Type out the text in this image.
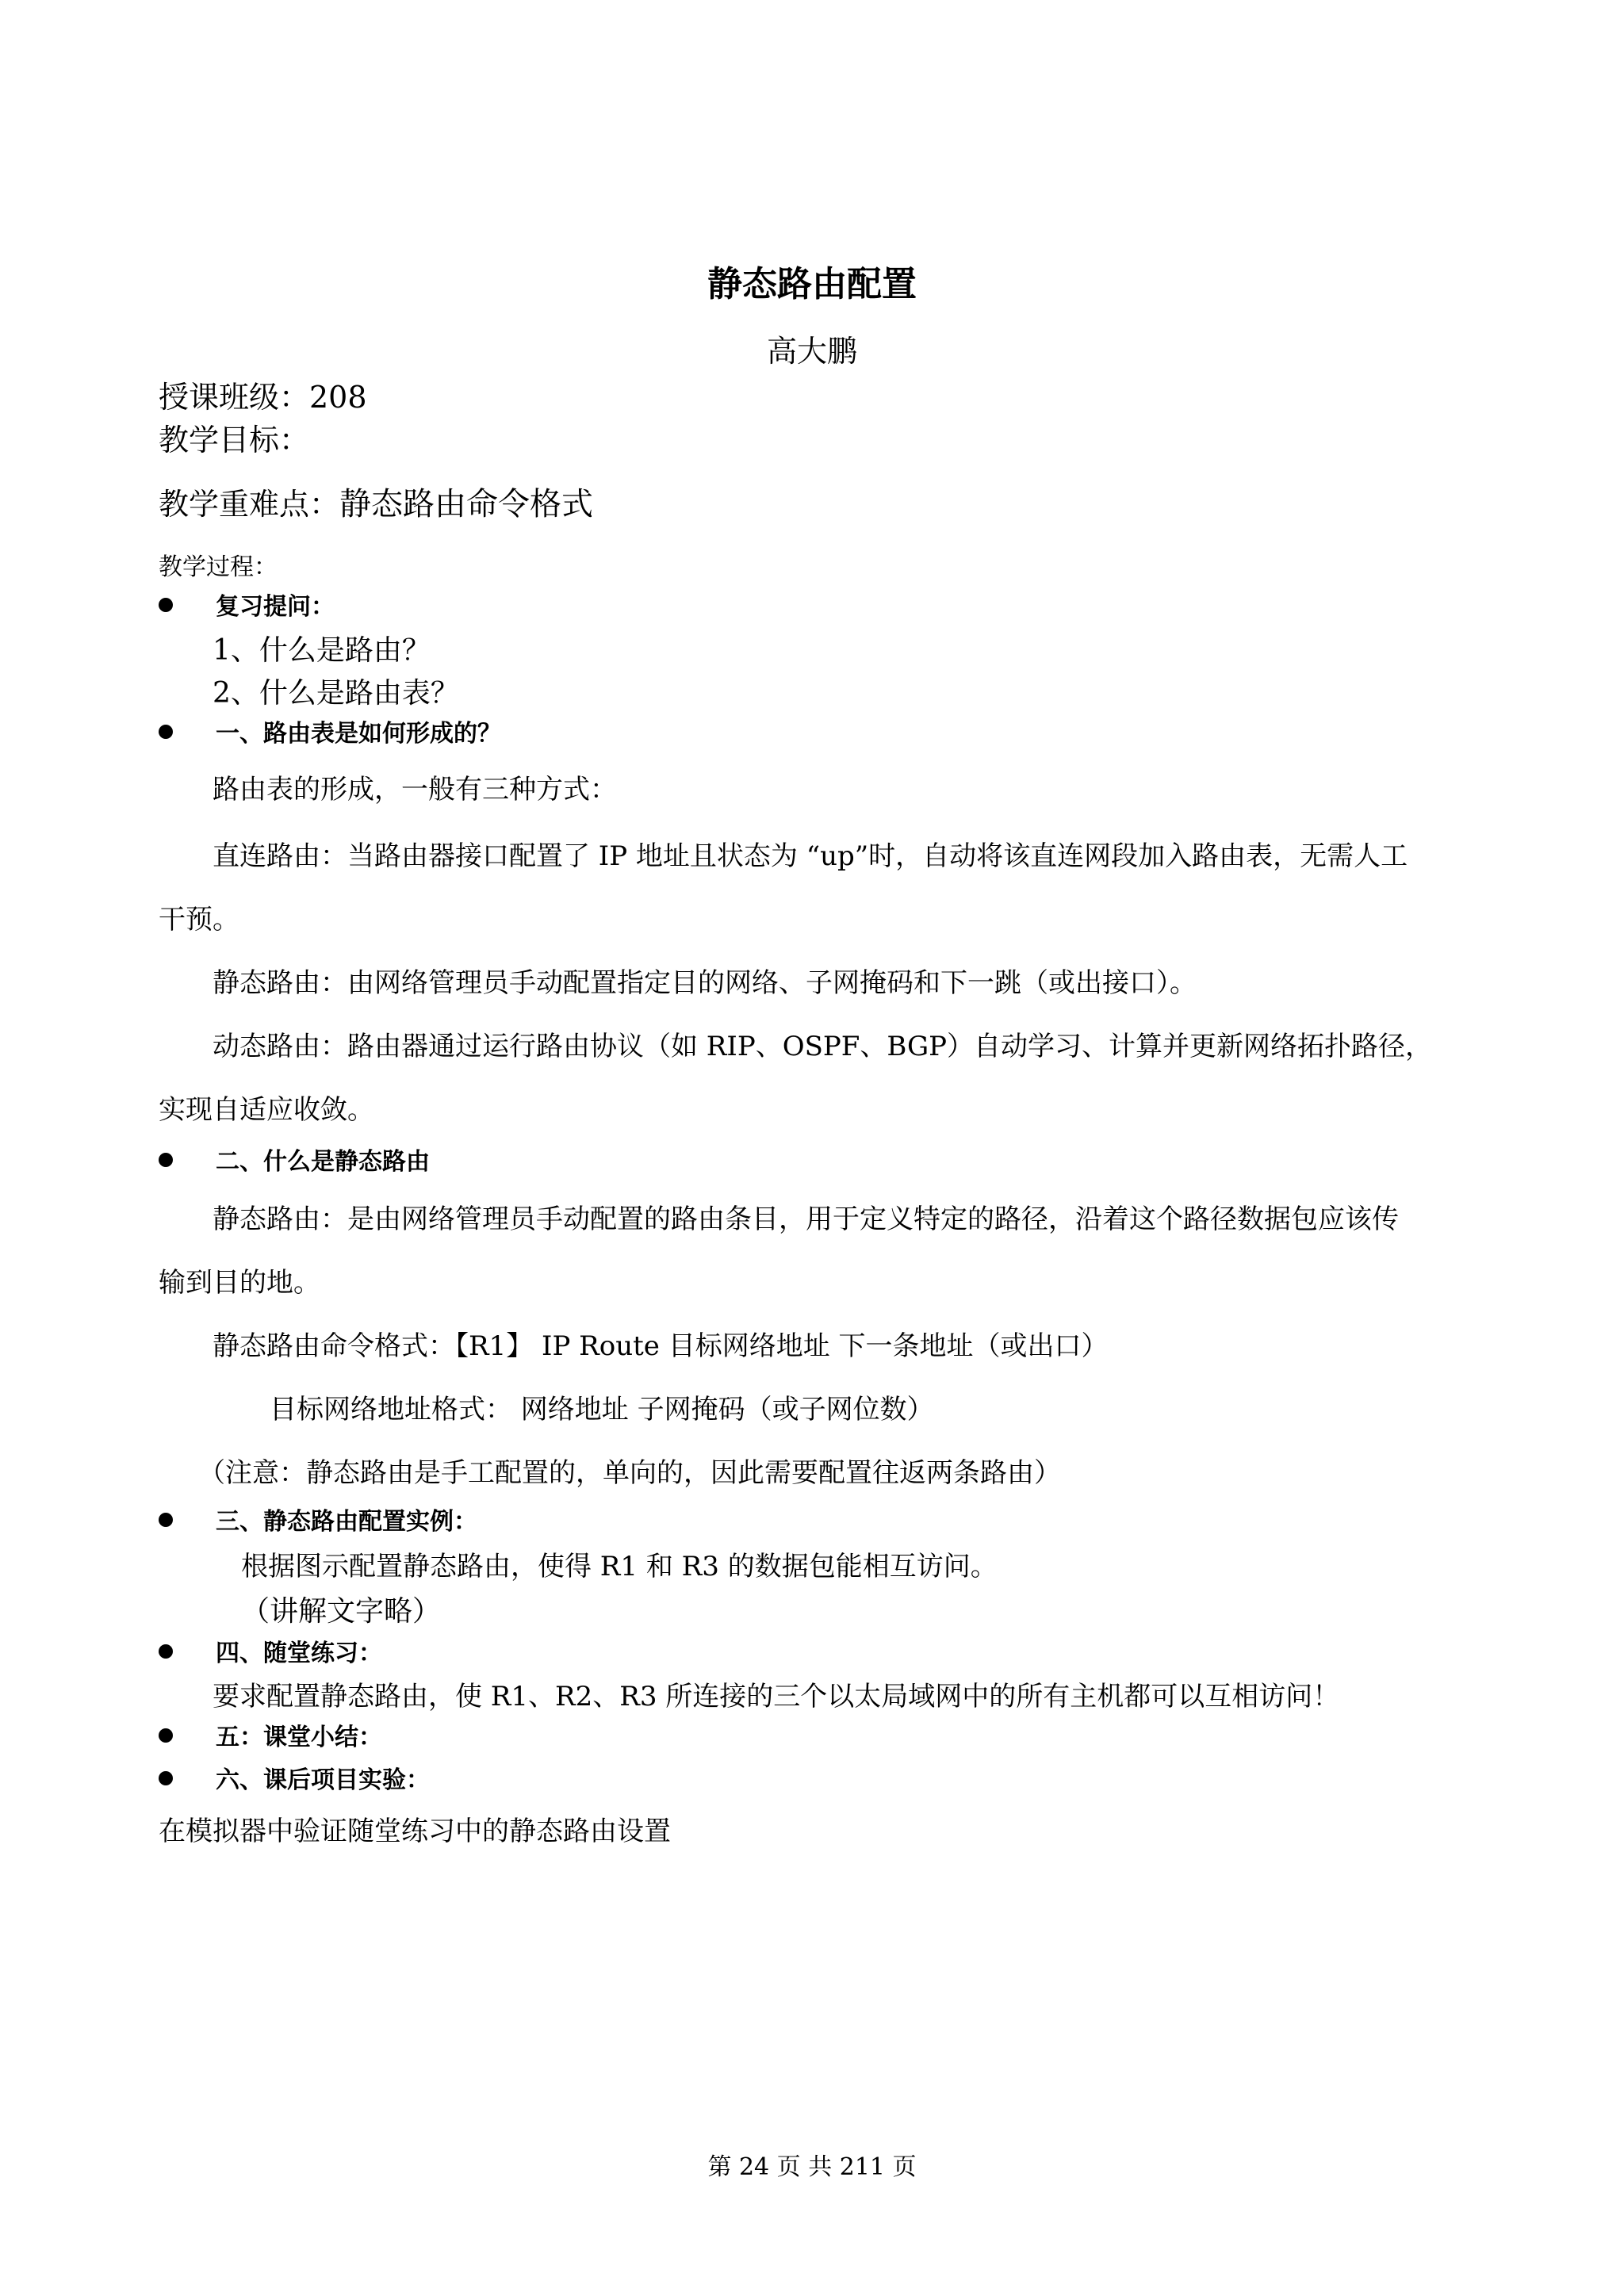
静态路由配置
高大鹏
授课班级：208
教学目标：
教学重难点：静态路由命令格式
教学过程：
复习提问：
1、什么是路由？
2、什么是路由表？
一、路由表是如何形成的？
路由表的形成，一般有三种方式：
直连路由：当路由器接口配置了 IP 地址且状态为 “up”时，自动将该直连网段加入路由表，无需人工
干预。
静态路由：由网络管理员手动配置指定目的网络、子网掩码和下一跳（或出接口）。
动态路由：路由器通过运行路由协议（如 RIP、OSPF、BGP）自动学习、计算并更新网络拓扑路径，
实现自适应收敛。
二、什么是静态路由
静态路由：是由网络管理员手动配置的路由条目，用于定义特定的路径，沿着这个路径数据包应该传
输到目的地。
静态路由命令格式：【R1】 IP Route 目标网络地址 下一条地址（或出口）
目标网络地址格式： 网络地址 子网掩码（或子网位数）
（注意：静态路由是手工配置的，单向的，因此需要配置往返两条路由）
三、静态路由配置实例：
根据图示配置静态路由，使得 R1 和 R3 的数据包能相互访问。
（讲解文字略）
四、随堂练习：
要求配置静态路由，使 R1、R2、R3 所连接的三个以太局域网中的所有主机都可以互相访问！
五：课堂小结：
六、课后项目实验：
在模拟器中验证随堂练习中的静态路由设置
第 24 页 共 211 页
